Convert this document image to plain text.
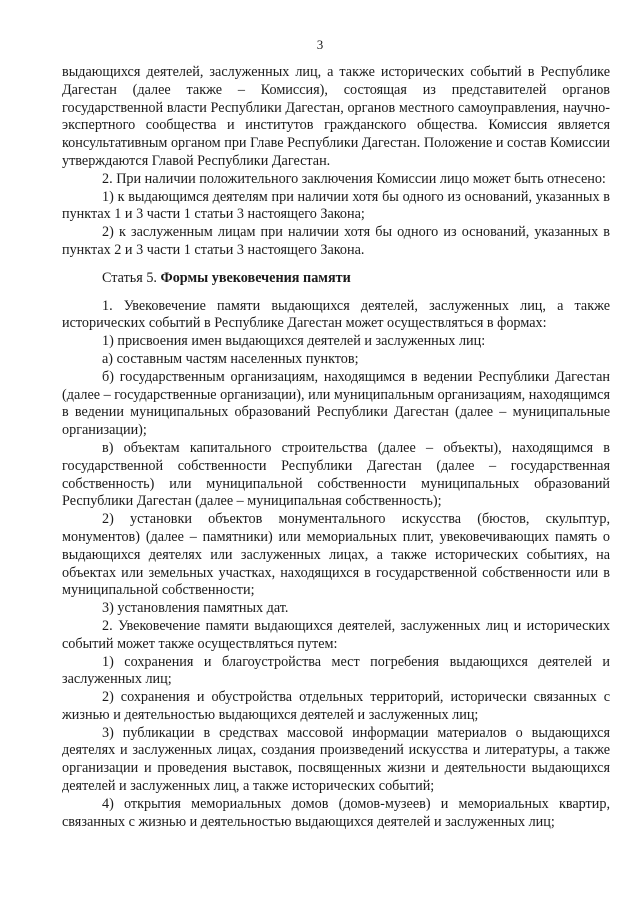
3

выдающихся деятелей, заслуженных лиц, а также исторических событий в Республике Дагестан (далее также – Комиссия), состоящая из представителей органов государственной власти Республики Дагестан, органов местного самоуправления, научно-экспертного сообщества и институтов гражданского общества. Комиссия является консультативным органом при Главе Республики Дагестан. Положение и состав Комиссии утверждаются Главой Республики Дагестан.

2. При наличии положительного заключения Комиссии лицо может быть отнесено:

1) к выдающимся деятелям при наличии хотя бы одного из оснований, указанных в пунктах 1 и 3 части 1 статьи 3 настоящего Закона;

2) к заслуженным лицам при наличии хотя бы одного из оснований, указанных в пунктах 2 и 3 части 1 статьи 3 настоящего Закона.

Статья 5. Формы увековечения памяти

1. Увековечение памяти выдающихся деятелей, заслуженных лиц, а также исторических событий в Республике Дагестан может осуществляться в формах:

1) присвоения имен выдающихся деятелей и заслуженных лиц:

а) составным частям населенных пунктов;

б) государственным организациям, находящимся в ведении Республики Дагестан (далее – государственные организации), или муниципальным организациям, находящимся в ведении муниципальных образований Республики Дагестан (далее – муниципальные организации);

в) объектам капитального строительства (далее – объекты), находящимся в государственной собственности Республики Дагестан (далее – государственная собственность) или муниципальной собственности муниципальных образований Республики Дагестан (далее – муниципальная собственность);

2) установки объектов монументального искусства (бюстов, скульптур, монументов) (далее – памятники) или мемориальных плит, увековечивающих память о выдающихся деятелях или заслуженных лицах, а также исторических событиях, на объектах или земельных участках, находящихся в государственной собственности или в муниципальной собственности;

3) установления памятных дат.

2. Увековечение памяти выдающихся деятелей, заслуженных лиц и исторических событий может также осуществляться путем:

1) сохранения и благоустройства мест погребения выдающихся деятелей и заслуженных лиц;

2) сохранения и обустройства отдельных территорий, исторически связанных с жизнью и деятельностью выдающихся деятелей и заслуженных лиц;

3) публикации в средствах массовой информации материалов о выдающихся деятелях и заслуженных лицах, создания произведений искусства и литературы, а также организации и проведения выставок, посвященных жизни и деятельности выдающихся деятелей и заслуженных лиц, а также исторических событий;

4) открытия мемориальных домов (домов-музеев) и мемориальных квартир, связанных с жизнью и деятельностью выдающихся деятелей и заслуженных лиц;
